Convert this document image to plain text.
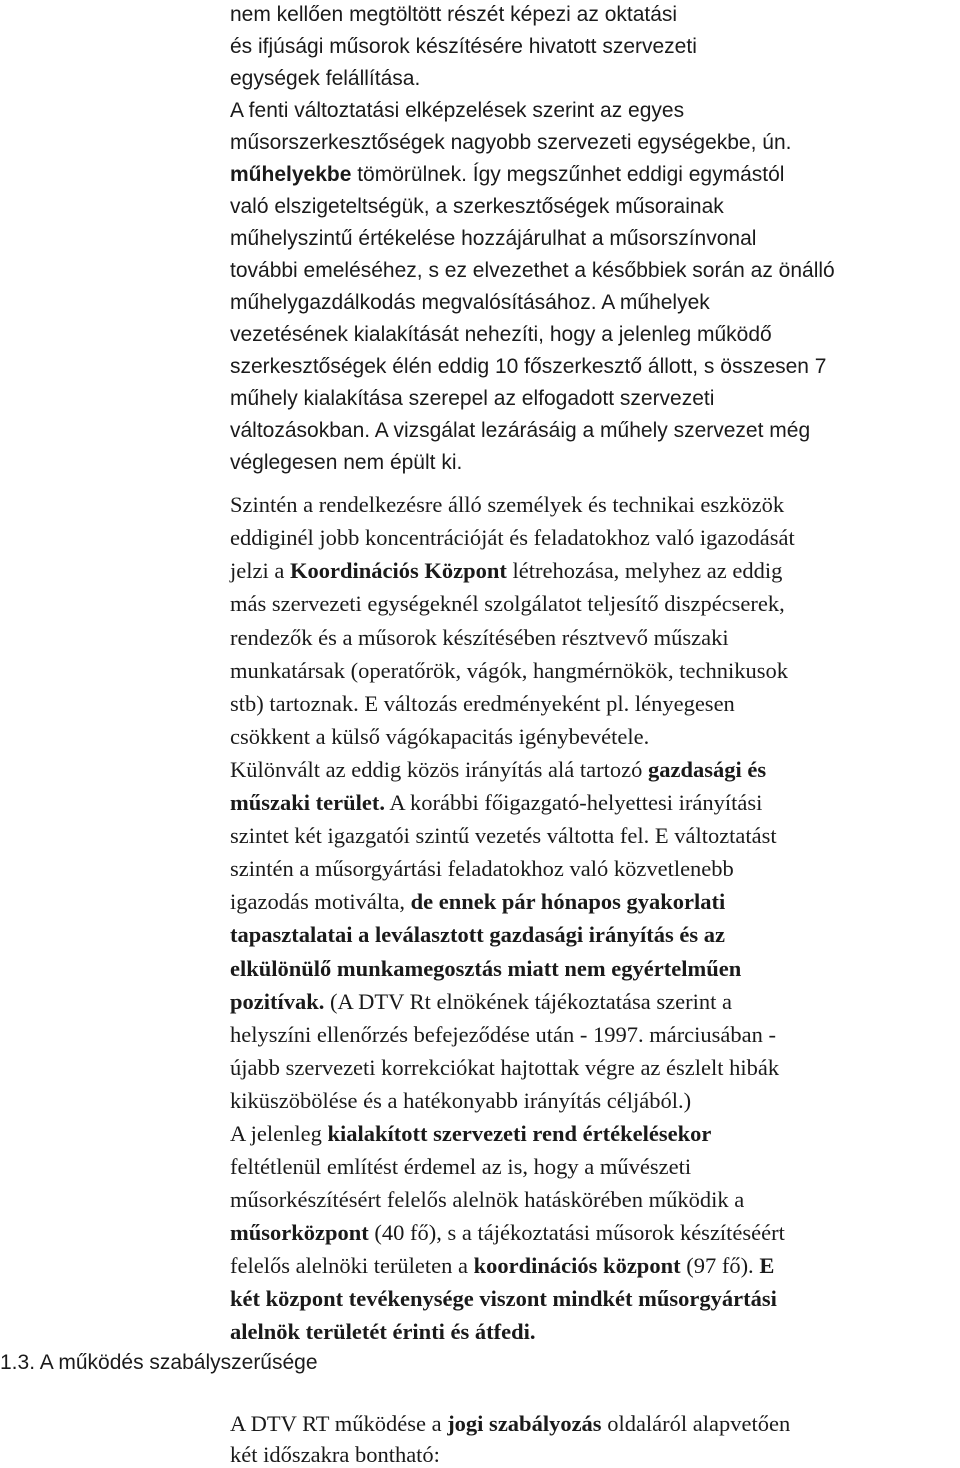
nem kellően megtöltött részét képezi az oktatási

és ifjúsági műsorok készítésére hivatott szervezeti

egységek felállítása.

A fenti változtatási elképzelések szerint az egyes

műsorszerkesztőségek nagyobb szervezeti egységekbe, ún.

műhelyekbe tömörülnek. Így megszűnhet eddigi egymástól

való elszigeteltségük, a szerkesztőségek műsorainak

műhelyszintű értékelése hozzájárulhat a műsorszínvonal

további emeléséhez, s ez elvezethet a későbbiek során az önálló

műhelygazdálkodás megvalósításához. A műhelyek

vezetésének kialakítását nehezíti, hogy a jelenleg működő

szerkesztőségek élén eddig 10 főszerkesztő állott, s összesen 7

műhely kialakítása szerepel az elfogadott szervezeti

változásokban. A vizsgálat lezárásáig a műhely szervezet még

véglegesen nem épült ki.

Szintén a rendelkezésre álló személyek és technikai eszközök

eddiginél jobb koncentrációját és feladatokhoz való igazodását

jelzi a Koordinációs Központ létrehozása, melyhez az eddig

más szervezeti egységeknél szolgálatot teljesítő diszpécserek,

rendezők és a műsorok készítésében résztvevő műszaki

munkatársak (operatőrök, vágók, hangmérnökök, technikusok

stb) tartoznak. E változás eredményeként pl. lényegesen

csökkent a külső vágókapacitás igénybevétele.

Különvált az eddig közös irányítás alá tartozó gazdasági és

műszaki terület. A korábbi főigazgató-helyettesi irányítási

szintet két igazgatói szintű vezetés váltotta fel. E változtatást

szintén a műsorgyártási feladatokhoz való közvetlenebb

igazodás motiválta, de ennek pár hónapos gyakorlati

tapasztalatai a leválasztott gazdasági irányítás és az

elkülönülő munkamegosztás miatt nem egyértelműen

pozitívak. (A DTV Rt elnökének tájékoztatása szerint a

helyszíni ellenőrzés befejeződése után - 1997. márciusában -

újabb szervezeti korrekciókat hajtottak végre az észlelt hibák

kiküszöbölése és a hatékonyabb irányítás céljából.)

A jelenleg kialakított szervezeti rend értékelésekor

feltétlenül említést érdemel az is, hogy a művészeti

műsorkészítésért felelős alelnök hatáskörében működik a

műsorközpont (40 fő), s a tájékoztatási műsorok készítéséért

felelős alelnöki területen a koordinációs központ (97 fő). E

két központ tevékenysége viszont mindkét műsorgyártási

alelnök területét érinti és átfedi.

1.3. A működés szabályszerűsége

A DTV RT működése a jogi szabályozás oldaláról alapvetően

két időszakra bontható:
